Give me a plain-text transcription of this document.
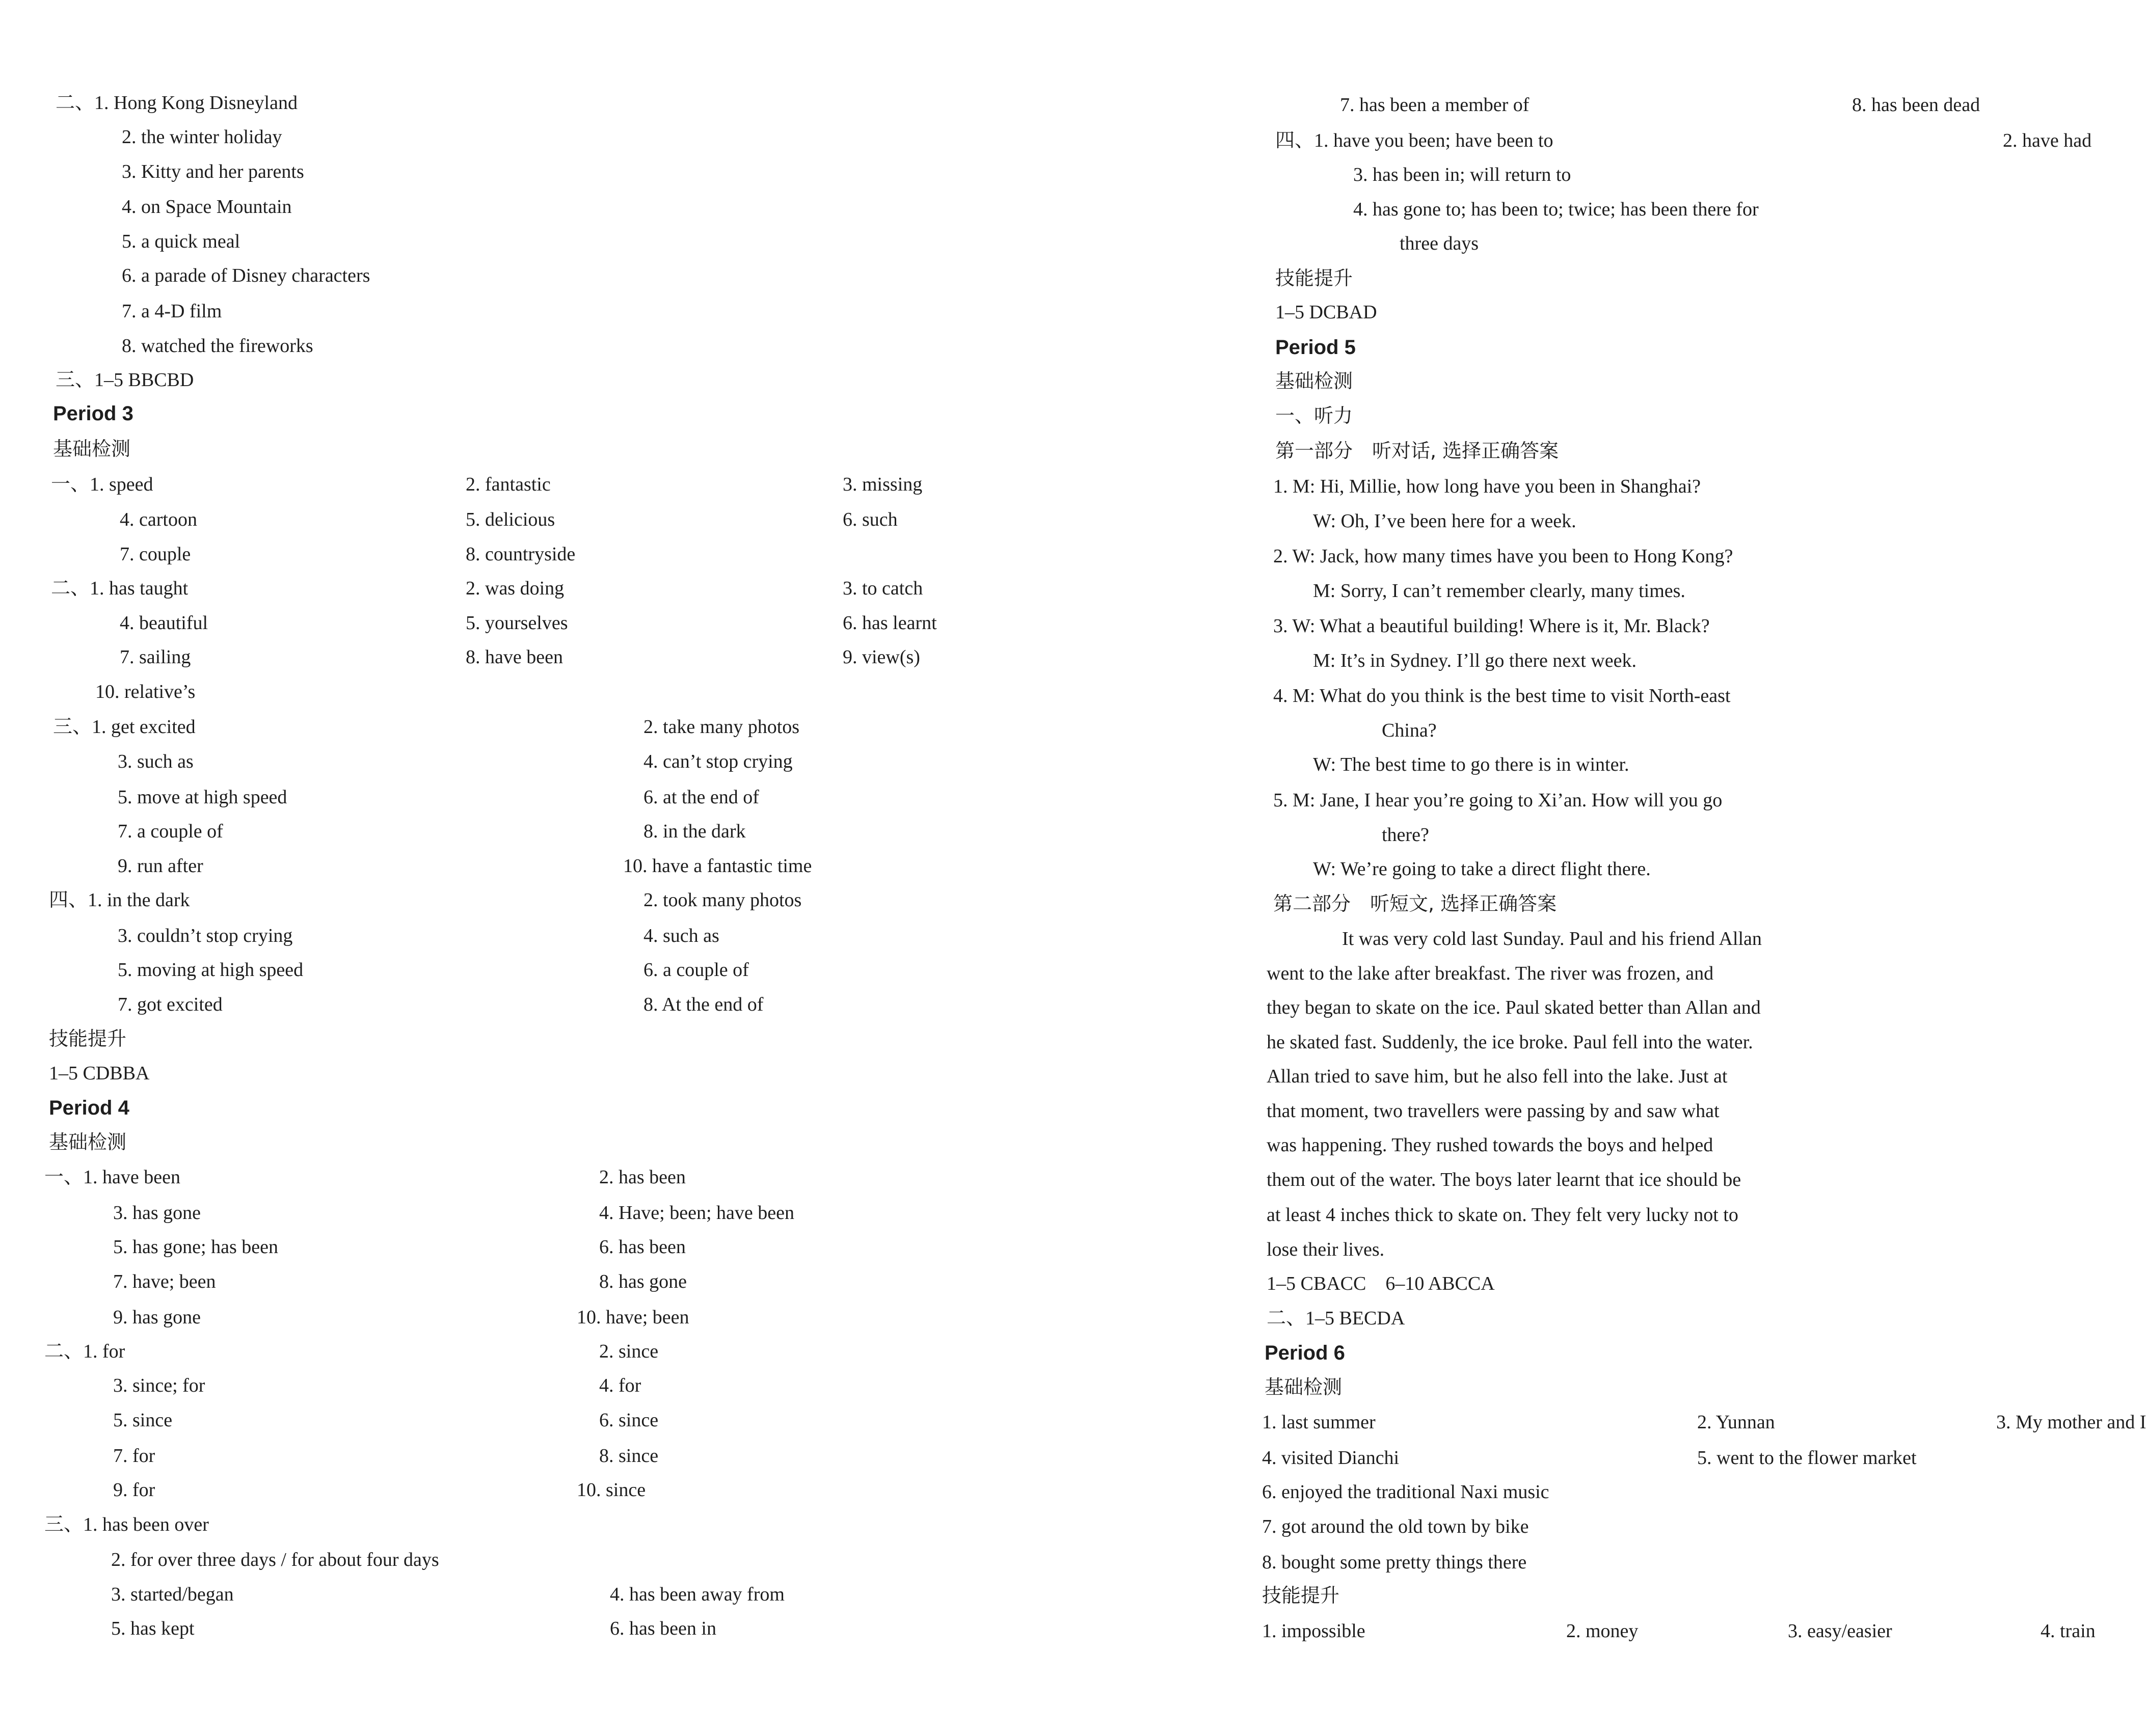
二、1. Hong Kong Disneyland
2. the winter holiday
3. Kitty and her parents
4. on Space Mountain
5. a quick meal
6. a parade of Disney characters
7. a 4-D film
8. watched the fireworks
三、1–5 BBCBD
Period 3
基础检测
一、1. speed	2. fantastic	3. missing
4. cartoon	5. delicious	6. such
7. couple	8. countryside
二、1. has taught	2. was doing	3. to catch
4. beautiful	5. yourselves	6. has learnt
7. sailing	8. have been	9. view(s)
10. relative’s
三、1. get excited	2. take many photos
3. such as	4. can’t stop crying
5. move at high speed	6. at the end of
7. a couple of	8. in the dark
9. run after	10. have a fantastic time
四、1. in the dark	2. took many photos
3. couldn’t stop crying	4. such as
5. moving at high speed	6. a couple of
7. got excited	8. At the end of
技能提升
1–5 CDBBA
Period 4
基础检测
一、1. have been	2. has been
3. has gone	4. Have; been; have been
5. has gone; has been	6. has been
7. have; been	8. has gone
9. has gone	10. have; been
二、1. for	2. since
3. since; for	4. for
5. since	6. since
7. for	8. since
9. for	10. since
三、1. has been over
2. for over three days / for about four days
3. started/began	4. has been away from
5. has kept	6. has been in
7. has been a member of	8. has been dead
四、1. have you been; have been to	2. have had
3. has been in; will return to
4. has gone to; has been to; twice; has been there for
three days
技能提升
1–5 DCBAD
Period 5
基础检测
一、听力
第一部分　听对话, 选择正确答案
1. M: Hi, Millie, how long have you been in Shanghai?
W: Oh, I’ve been here for a week.
2. W: Jack, how many times have you been to Hong Kong?
M: Sorry, I can’t remember clearly, many times.
3. W: What a beautiful building! Where is it, Mr. Black?
M: It’s in Sydney. I’ll go there next week.
4. M: What do you think is the best time to visit North-east
China?
W: The best time to go there is in winter.
5. M: Jane, I hear you’re going to Xi’an. How will you go
there?
W: We’re going to take a direct flight there.
第二部分　听短文, 选择正确答案
It was very cold last Sunday. Paul and his friend Allan
went to the lake after breakfast. The river was frozen, and
they began to skate on the ice. Paul skated better than Allan and
he skated fast. Suddenly, the ice broke. Paul fell into the water.
Allan tried to save him, but he also fell into the lake. Just at
that moment, two travellers were passing by and saw what
was happening. They rushed towards the boys and helped
them out of the water. The boys later learnt that ice should be
at least 4 inches thick to skate on. They felt very lucky not to
lose their lives.
1–5 CBACC　6–10 ABCCA
二、1–5 BECDA
Period 6
基础检测
1. last summer	2. Yunnan	3. My mother and I
4. visited Dianchi	5. went to the flower market
6. enjoyed the traditional Naxi music
7. got around the old town by bike
8. bought some pretty things there
技能提升
1. impossible	2. money	3. easy/easier	4. train
